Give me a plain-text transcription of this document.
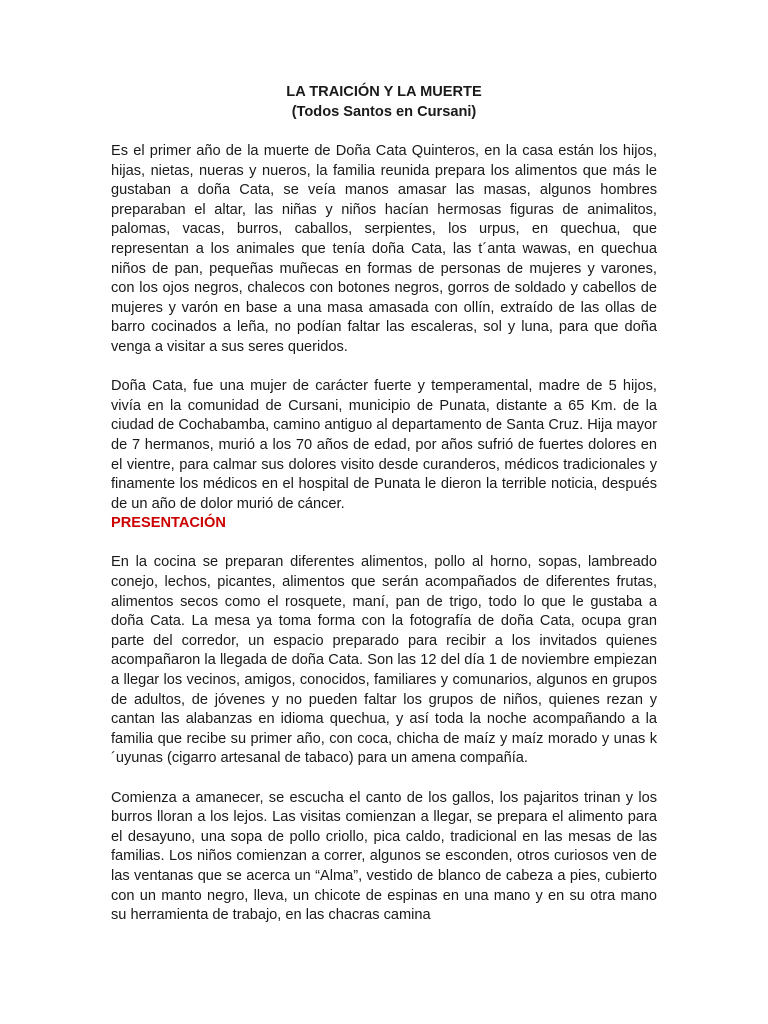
LA TRAICIÓN Y LA MUERTE

(Todos Santos en Cursani)

Es el primer año de la muerte de Doña Cata Quinteros, en la casa están los hijos, hijas, nietas, nueras y nueros, la familia reunida prepara los alimentos que más le gustaban a doña Cata, se veía manos amasar las masas, algunos hombres preparaban el altar, las niñas y niños hacían hermosas figuras de animalitos, palomas, vacas, burros, caballos, serpientes, los urpus, en quechua, que representan a los animales que tenía doña Cata, las t´anta wawas, en quechua niños de pan, pequeñas muñecas en formas de personas de mujeres y varones, con los ojos negros, chalecos con botones negros, gorros de soldado y cabellos de mujeres y varón en base a una masa amasada con ollín, extraído de las ollas de barro cocinados a leña, no podían faltar las escaleras, sol y luna, para que doña venga a visitar a sus seres queridos.

Doña Cata, fue una mujer de carácter fuerte y temperamental, madre de 5 hijos, vivía en la comunidad de Cursani, municipio de Punata, distante a 65 Km. de la ciudad de Cochabamba, camino antiguo al departamento de Santa Cruz. Hija mayor de 7 hermanos, murió a los 70 años de edad, por años sufrió de fuertes dolores en el vientre, para calmar sus dolores visito desde curanderos, médicos tradicionales y finamente los médicos en el hospital de Punata le dieron la terrible noticia, después de un año de dolor murió de cáncer.

PRESENTACIÓN

En la cocina se preparan diferentes alimentos, pollo al horno, sopas, lambreado conejo, lechos, picantes, alimentos que serán acompañados de diferentes frutas, alimentos secos como el rosquete, maní, pan de trigo, todo lo que le gustaba a doña Cata. La mesa ya toma forma con la fotografía de doña Cata, ocupa gran parte del corredor, un espacio preparado para recibir a los invitados quienes acompañaron la llegada de doña Cata. Son las 12 del día 1 de noviembre empiezan a llegar los vecinos, amigos, conocidos, familiares y comunarios, algunos en grupos de adultos, de jóvenes y no pueden faltar los grupos de niños, quienes rezan y cantan las alabanzas en idioma quechua, y así toda la noche acompañando a la familia que recibe su primer año, con coca, chicha de maíz y maíz morado y unas k´uyunas (cigarro artesanal de tabaco) para un amena compañía.

Comienza a amanecer, se escucha el canto de los gallos, los pajaritos trinan y los burros lloran a los lejos. Las visitas comienzan a llegar, se prepara el alimento para el desayuno, una sopa de pollo criollo, pica caldo, tradicional en las mesas de las familias. Los niños comienzan a correr, algunos se esconden, otros curiosos ven de las ventanas que se acerca un “Alma”, vestido de blanco de cabeza a pies, cubierto con un manto negro, lleva, un chicote de espinas en una mano y en su otra mano su herramienta de trabajo, en las chacras camina
